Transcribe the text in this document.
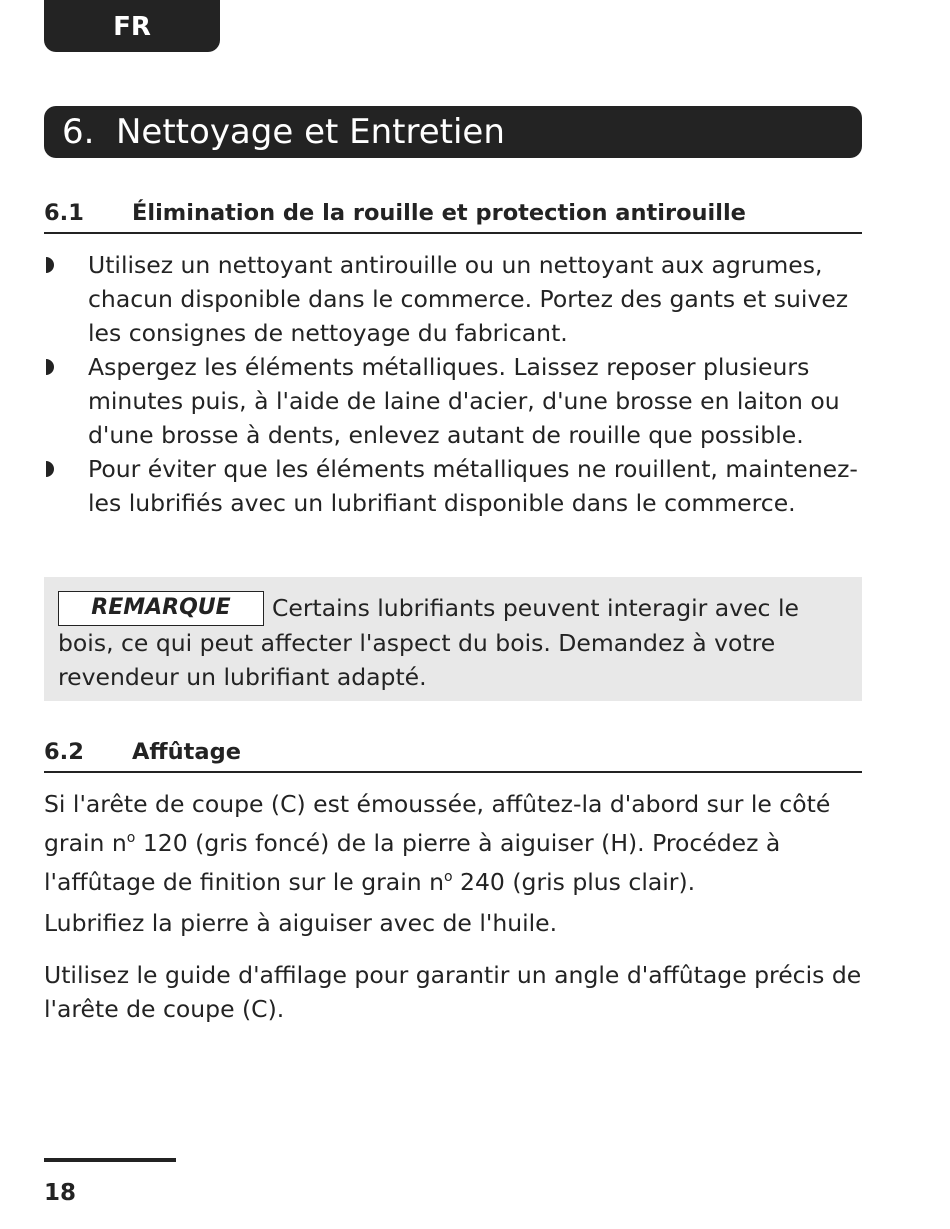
FR
6. Nettoyage et Entretien
6.1 Élimination de la rouille et protection antirouille
Utilisez un nettoyant antirouille ou un nettoyant aux agrumes, chacun disponible dans le commerce. Portez des gants et suivez les consignes de nettoyage du fabricant.
Aspergez les éléments métalliques. Laissez reposer plusieurs minutes puis, à l'aide de laine d'acier, d'une brosse en laiton ou d'une brosse à dents, enlevez autant de rouille que possible.
Pour éviter que les éléments métalliques ne rouillent, maintenez- les lubrifiés avec un lubrifiant disponible dans le commerce.
REMARQUE Certains lubrifiants peuvent interagir avec le bois, ce qui peut affecter l'aspect du bois. Demandez à votre revendeur un lubrifiant adapté.
6.2 Affûtage

Si l'arête de coupe (C) est émoussée, affûtez-la d'abord sur le côté grain $n^o$ 120 (gris foncé) de la pierre à aiguiser (H). Procédez à l'affûtage de finition sur le grain $n^o$ 240 (gris plus clair).

Lubrifiez la pierre à aiguiser avec de l'huile.

Utilisez le guide d'affilage pour garantir un angle d'affûtage précis de l'arête de coupe (C).

18
